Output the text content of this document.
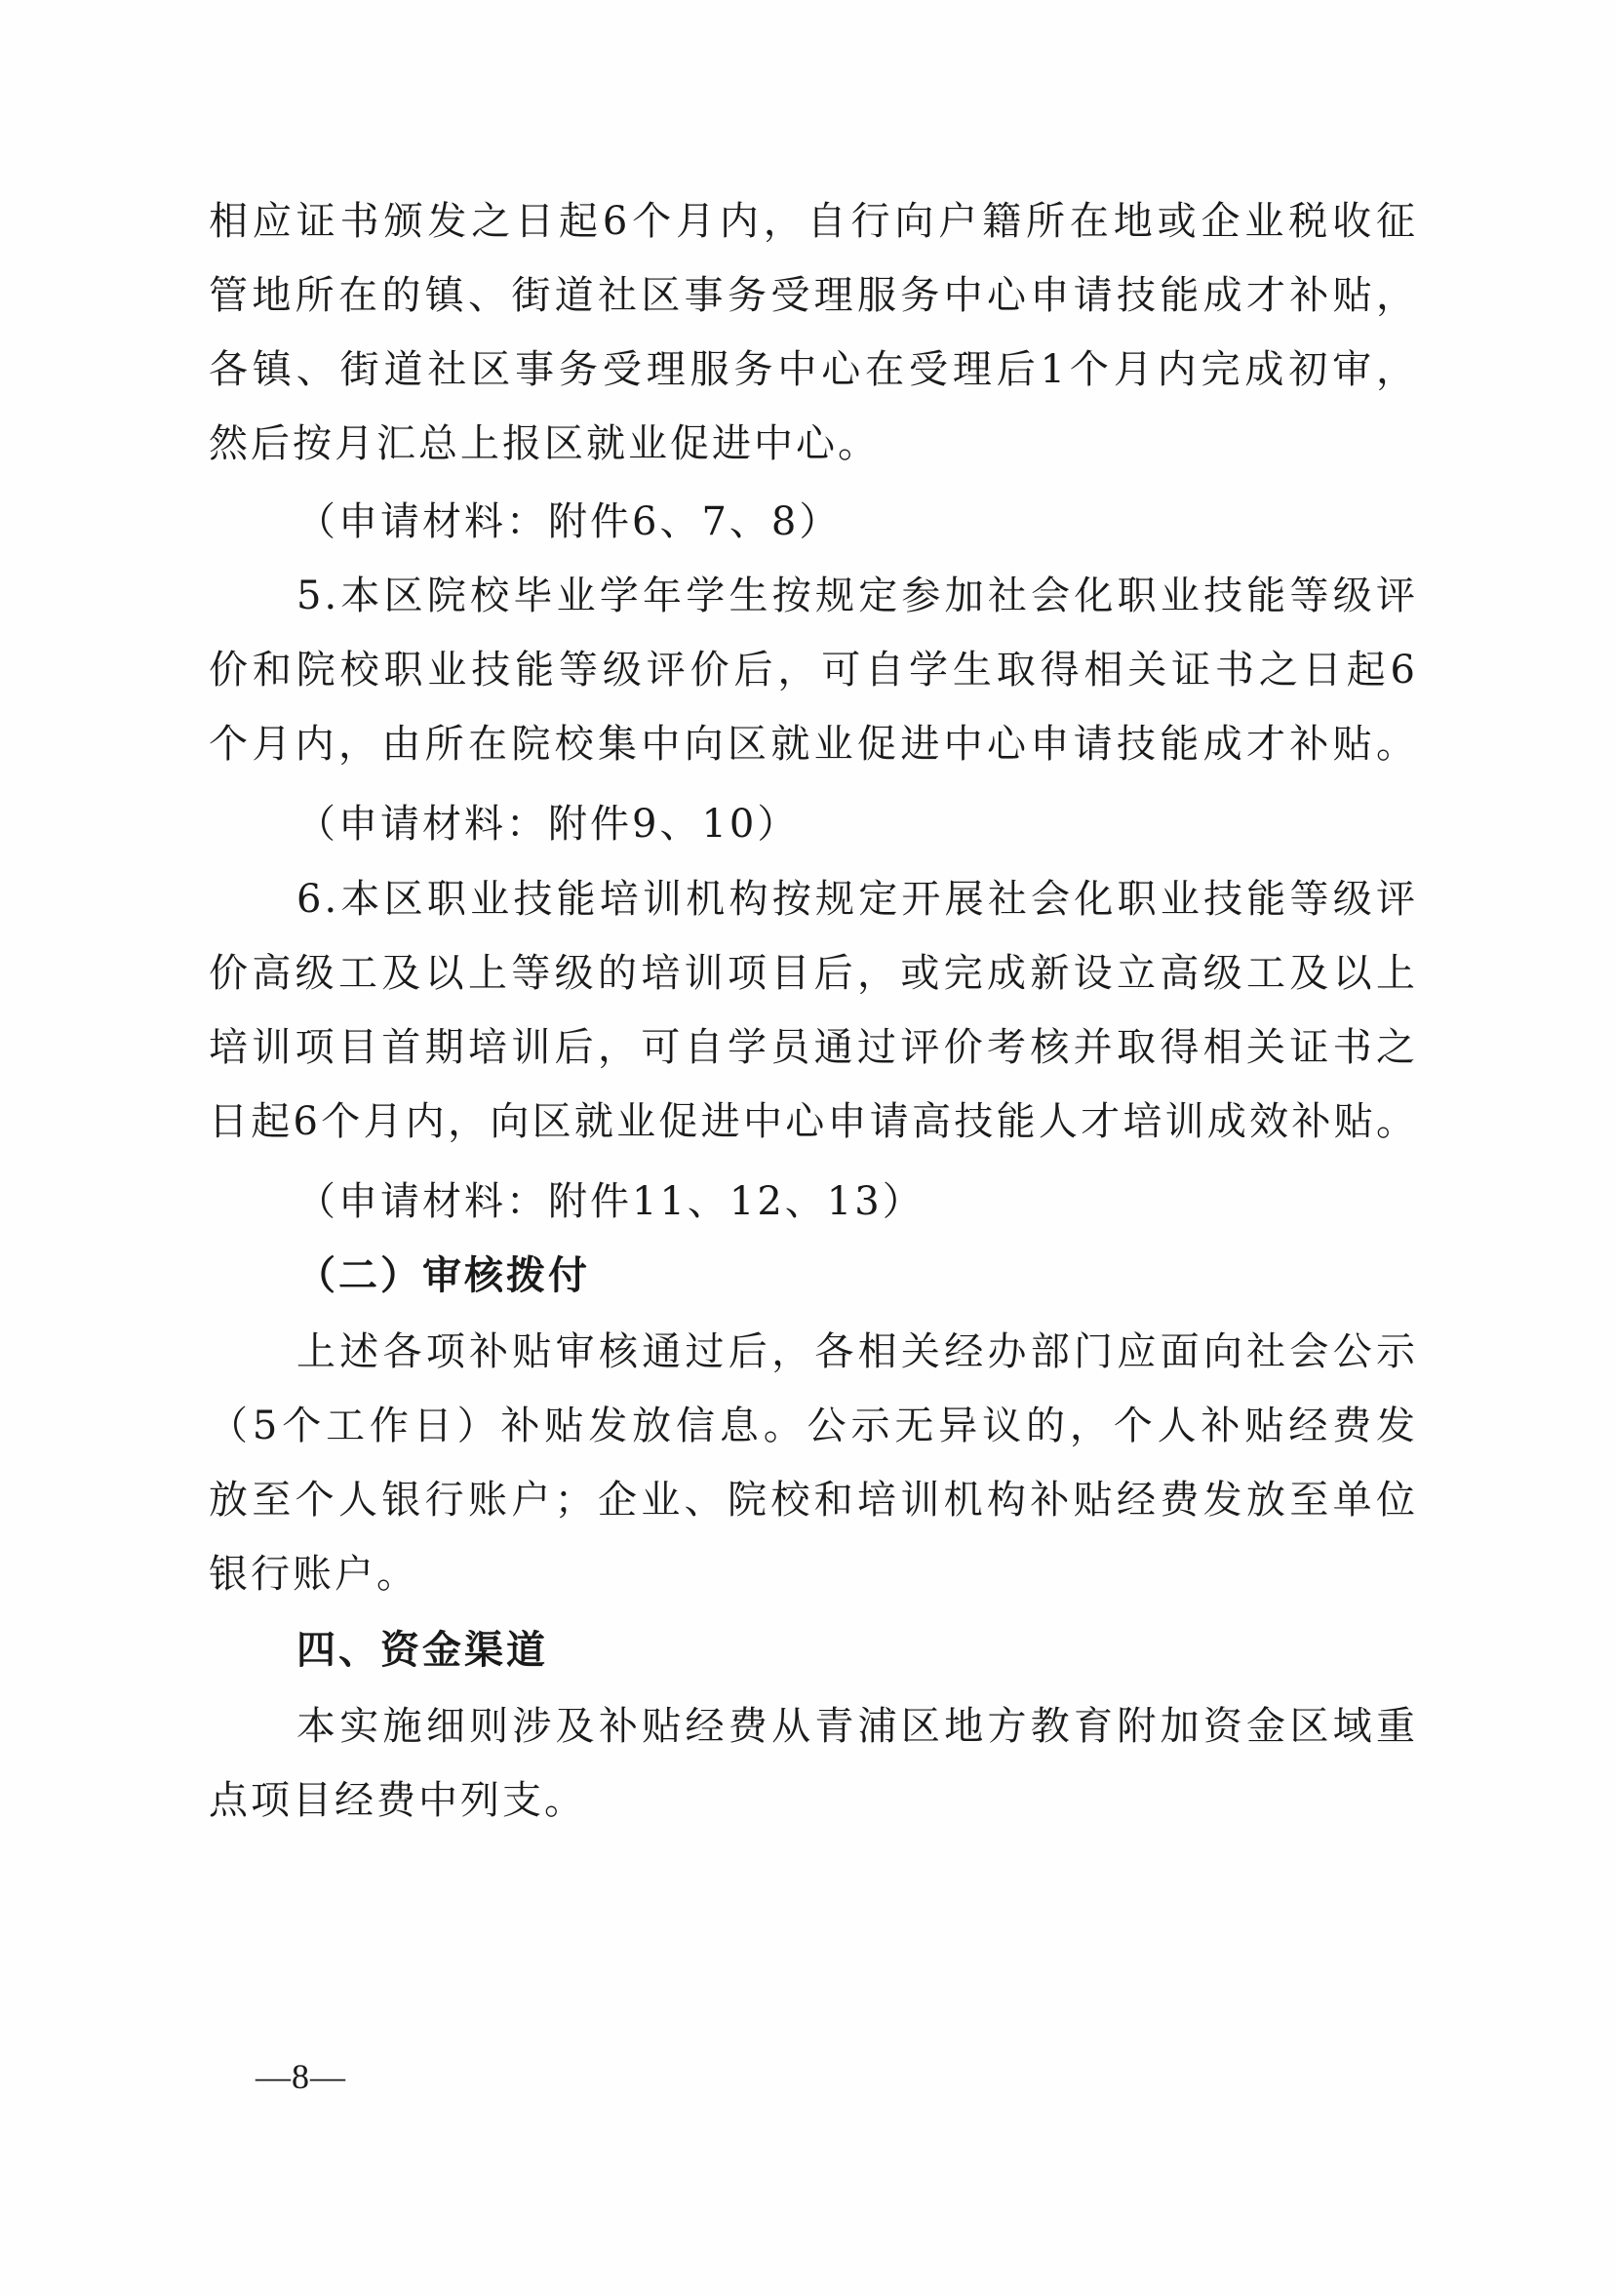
相应证书颁发之日起6个月内，自行向户籍所在地或企业税收征
管地所在的镇、街道社区事务受理服务中心申请技能成才补贴，
各镇、街道社区事务受理服务中心在受理后1个月内完成初审，
然后按月汇总上报区就业促进中心。
（申请材料：附件6、7、8）
5.本区院校毕业学年学生按规定参加社会化职业技能等级评
价和院校职业技能等级评价后，可自学生取得相关证书之日起6
个月内，由所在院校集中向区就业促进中心申请技能成才补贴。
（申请材料：附件9、10）
6.本区职业技能培训机构按规定开展社会化职业技能等级评
价高级工及以上等级的培训项目后，或完成新设立高级工及以上
培训项目首期培训后，可自学员通过评价考核并取得相关证书之
日起6个月内，向区就业促进中心申请高技能人才培训成效补贴。
（申请材料：附件11、12、13）
（二）审核拨付
上述各项补贴审核通过后，各相关经办部门应面向社会公示
（5个工作日）补贴发放信息。公示无异议的，个人补贴经费发
放至个人银行账户；企业、院校和培训机构补贴经费发放至单位
银行账户。
四、资金渠道
本实施细则涉及补贴经费从青浦区地方教育附加资金区域重
点项目经费中列支。
—8—
